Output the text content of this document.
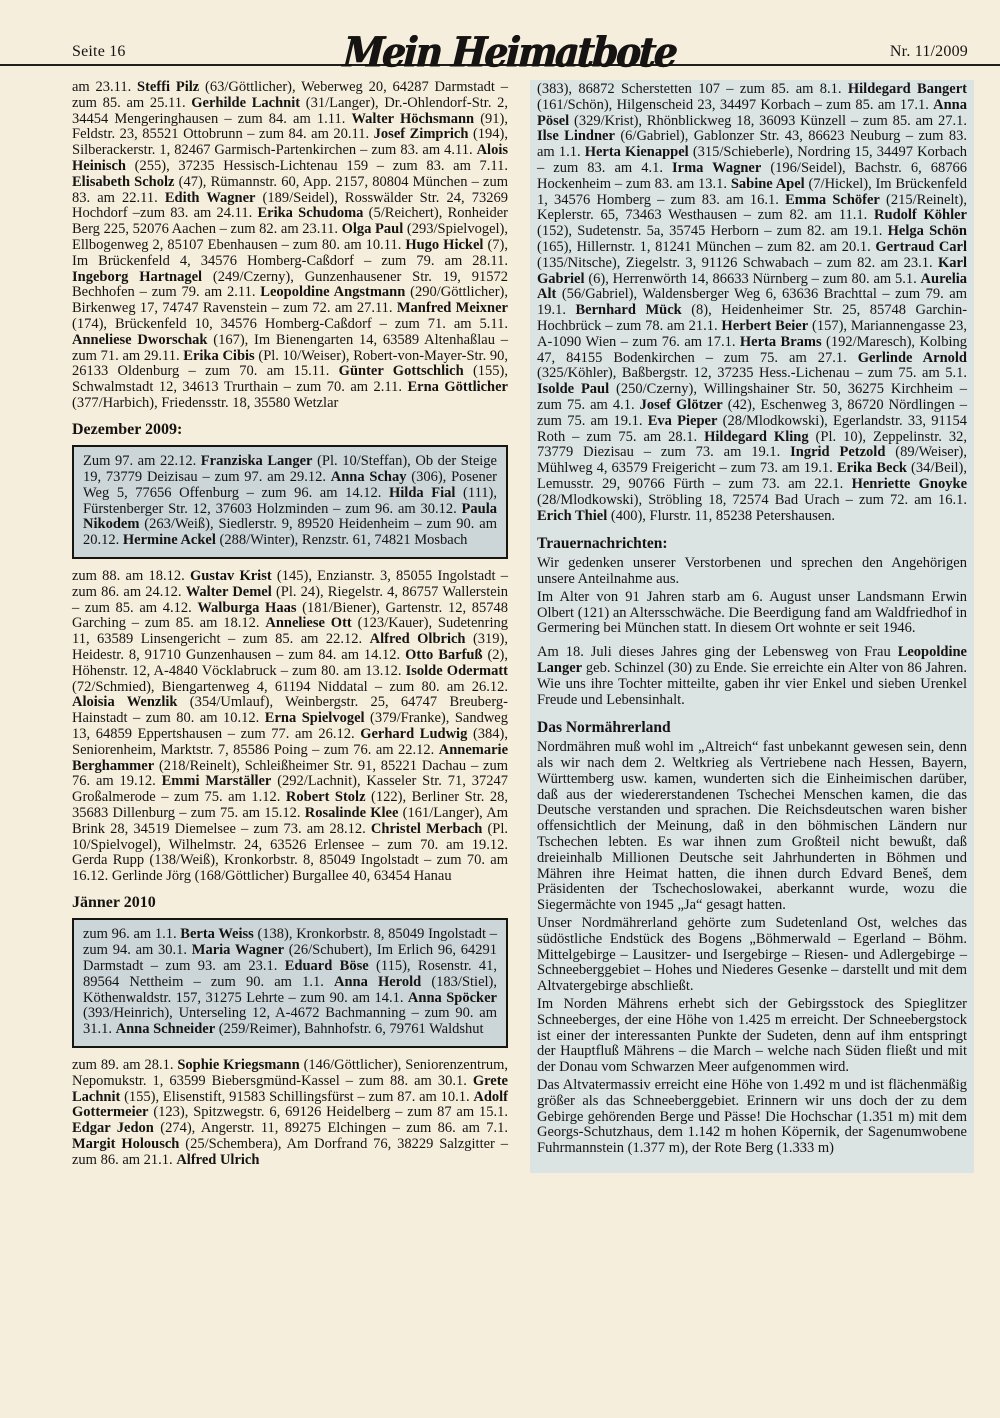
Seite 16	Mein Heimatbote	Nr. 11/2009

am 23.11. Steffi Pilz (63/Göttlicher), Weberweg 20, 64287 Darmstadt – zum 85. am 25.11. Gerhilde Lachnit (31/Langer), Dr.-Ohlendorf-Str. 2, 34454 Mengeringhausen – zum 84. am 1.11. Walter Höchsmann (91), Feldstr. 23, 85521 Ottobrunn – zum 84. am 20.11. Josef Zimprich (194), Silberackerstr. 1, 82467 Garmisch-Partenkirchen – zum 83. am 4.11. Alois Heinisch (255), 37235 Hessisch-Lichtenau 159 – zum 83. am 7.11. Elisabeth Scholz (47), Rümannstr. 60, App. 2157, 80804 München – zum 83. am 22.11. Edith Wagner (189/Seidel), Rosswälder Str. 24, 73269 Hochdorf –zum 83. am 24.11. Erika Schudoma (5/Reichert), Ronheider Berg 225, 52076 Aachen – zum 82. am 23.11. Olga Paul (293/Spielvogel), Ellbogenweg 2, 85107 Ebenhausen – zum 80. am 10.11. Hugo Hickel (7), Im Brückenfeld 4, 34576 Homberg-Caßdorf – zum 79. am 28.11. Ingeborg Hartnagel (249/Czerny), Gunzenhausener Str. 19, 91572 Bechhofen – zum 79. am 2.11. Leopoldine Angstmann (290/Göttlicher), Birkenweg 17, 74747 Ravenstein – zum 72. am 27.11. Manfred Meixner (174), Brückenfeld 10, 34576 Homberg-Caßdorf – zum 71. am 5.11. Anneliese Dworschak (167), Im Bienengarten 14, 63589 Altenhaßlau – zum 71. am 29.11. Erika Cibis (Pl. 10/Weiser), Robert-von-Mayer-Str. 90, 26133 Oldenburg – zum 70. am 15.11. Günter Gottschlich (155), Schwalmstadt 12, 34613 Trurthain – zum 70. am 2.11. Erna Göttlicher (377/Harbich), Friedensstr. 18, 35580 Wetzlar

Dezember 2009:

Zum 97. am 22.12. Franziska Langer (Pl. 10/Steffan), Ob der Steige 19, 73779 Deizisau – zum 97. am 29.12. Anna Schay (306), Posener Weg 5, 77656 Offenburg – zum 96. am 14.12. Hilda Fial (111), Fürstenberger Str. 12, 37603 Holzminden – zum 96. am 30.12. Paula Nikodem (263/Weiß), Siedlerstr. 9, 89520 Heidenheim – zum 90. am 20.12. Hermine Ackel (288/Winter), Renzstr. 61, 74821 Mosbach

zum 88. am 18.12. Gustav Krist (145), Enzianstr. 3, 85055 Ingolstadt – zum 86. am 24.12. Walter Demel (Pl. 24), Riegelstr. 4, 86757 Wallerstein – zum 85. am 4.12. Walburga Haas (181/Biener), Gartenstr. 12, 85748 Garching – zum 85. am 18.12. Anneliese Ott (123/Kauer), Sudetenring 11, 63589 Linsengericht – zum 85. am 22.12. Alfred Olbrich (319), Heidestr. 8, 91710 Gunzenhausen – zum 84. am 14.12. Otto Barfuß (2), Höhenstr. 12, A-4840 Vöcklabruck – zum 80. am 13.12. Isolde Odermatt (72/Schmied), Biengartenweg 4, 61194 Niddatal – zum 80. am 26.12. Aloisia Wenzlik (354/Umlauf), Weinbergstr. 25, 64747 Breuberg-Hainstadt – zum 80. am 10.12. Erna Spielvogel (379/Franke), Sandweg 13, 64859 Eppertshausen – zum 77. am 26.12. Gerhard Ludwig (384), Seniorenheim, Marktstr. 7, 85586 Poing – zum 76. am 22.12. Annemarie Berghammer (218/Reinelt), Schleißheimer Str. 91, 85221 Dachau – zum 76. am 19.12. Emmi Marställer (292/Lachnit), Kasseler Str. 71, 37247 Großalmerode – zum 75. am 1.12. Robert Stolz (122), Berliner Str. 28, 35683 Dillenburg – zum 75. am 15.12. Rosalinde Klee (161/Langer), Am Brink 28, 34519 Diemelsee – zum 73. am 28.12. Christel Merbach (Pl. 10/Spielvogel), Wilhelmstr. 24, 63526 Erlensee – zum 70. am 19.12. Gerda Rupp (138/Weiß), Kronkorbstr. 8, 85049 Ingolstadt – zum 70. am 16.12. Gerlinde Jörg (168/Göttlicher) Burgallee 40, 63454 Hanau

Jänner 2010

zum 96. am 1.1. Berta Weiss (138), Kronkorbstr. 8, 85049 Ingolstadt – zum 94. am 30.1. Maria Wagner (26/Schubert), Im Erlich 96, 64291 Darmstadt – zum 93. am 23.1. Eduard Böse (115), Rosenstr. 41, 89564 Nettheim – zum 90. am 1.1. Anna Herold (183/Stiel), Köthenwaldstr. 157, 31275 Lehrte – zum 90. am 14.1. Anna Spöcker (393/Heinrich), Unterseling 12, A-4672 Bachmanning – zum 90. am 31.1. Anna Schneider (259/Reimer), Bahnhofstr. 6, 79761 Waldshut

zum 89. am 28.1. Sophie Kriegsmann (146/Göttlicher), Seniorenzentrum, Nepomukstr. 1, 63599 Biebersgmünd-Kassel – zum 88. am 30.1. Grete Lachnit (155), Elisenstift, 91583 Schillingsfürst – zum 87. am 10.1. Adolf Gottermeier (123), Spitzwegstr. 6, 69126 Heidelberg – zum 87 am 15.1. Edgar Jedon (274), Angerstr. 11, 89275 Elchingen – zum 86. am 7.1. Margit Holousch (25/Schembera), Am Dorfrand 76, 38229 Salzgitter – zum 86. am 21.1. Alfred Ulrich

(383), 86872 Scherstetten 107 – zum 85. am 8.1. Hildegard Bangert (161/Schön), Hilgenscheid 23, 34497 Korbach – zum 85. am 17.1. Anna Pösel (329/Krist), Rhönblickweg 18, 36093 Künzell – zum 85. am 27.1. Ilse Lindner (6/Gabriel), Gablonzer Str. 43, 86623 Neuburg – zum 83. am 1.1. Herta Kienappel (315/Schieberle), Nordring 15, 34497 Korbach – zum 83. am 4.1. Irma Wagner (196/Seidel), Bachstr. 6, 68766 Hockenheim – zum 83. am 13.1. Sabine Apel (7/Hickel), Im Brückenfeld 1, 34576 Homberg – zum 83. am 16.1. Emma Schöfer (215/Reinelt), Keplerstr. 65, 73463 Westhausen – zum 82. am 11.1. Rudolf Köhler (152), Sudetenstr. 5a, 35745 Herborn – zum 82. am 19.1. Helga Schön (165), Hillernstr. 1, 81241 München – zum 82. am 20.1. Gertraud Carl (135/Nitsche), Ziegelstr. 3, 91126 Schwabach – zum 82. am 23.1. Karl Gabriel (6), Herrenwörth 14, 86633 Nürnberg – zum 80. am 5.1. Aurelia Alt (56/Gabriel), Waldensberger Weg 6, 63636 Brachttal – zum 79. am 19.1. Bernhard Mück (8), Heidenheimer Str. 25, 85748 Garchin-Hochbrück – zum 78. am 21.1. Herbert Beier (157), Mariannengasse 23, A-1090 Wien – zum 76. am 17.1. Herta Brams (192/Maresch), Kolbing 47, 84155 Bodenkirchen – zum 75. am 27.1. Gerlinde Arnold (325/Köhler), Baßbergstr. 12, 37235 Hess.-Lichenau – zum 75. am 5.1. Isolde Paul (250/Czerny), Willingshainer Str. 50, 36275 Kirchheim – zum 75. am 4.1. Josef Glötzer (42), Eschenweg 3, 86720 Nördlingen – zum 75. am 19.1. Eva Pieper (28/Mlodkowski), Egerlandstr. 33, 91154 Roth – zum 75. am 28.1. Hildegard Kling (Pl. 10), Zeppelinstr. 32, 73779 Diezisau – zum 73. am 19.1. Ingrid Petzold (89/Weiser), Mühlweg 4, 63579 Freigericht – zum 73. am 19.1. Erika Beck (34/Beil), Lemusstr. 29, 90766 Fürth – zum 73. am 22.1. Henriette Gnoyke (28/Mlodkowski), Ströbling 18, 72574 Bad Urach – zum 72. am 16.1. Erich Thiel (400), Flurstr. 11, 85238 Petershausen.

Trauernachrichten:

Wir gedenken unserer Verstorbenen und sprechen den Angehörigen unsere Anteilnahme aus.

Im Alter von 91 Jahren starb am 6. August unser Landsmann Erwin Olbert (121) an Altersschwäche. Die Beerdigung fand am Waldfriedhof in Germering bei München statt. In diesem Ort wohnte er seit 1946.

Am 18. Juli dieses Jahres ging der Lebensweg von Frau Leopoldine Langer geb. Schinzel (30) zu Ende. Sie erreichte ein Alter von 86 Jahren. Wie uns ihre Tochter mitteilte, gaben ihr vier Enkel und sieben Urenkel Freude und Lebensinhalt.

Das Normährerland

Nordmähren muß wohl im „Altreich“ fast unbekannt gewesen sein, denn als wir nach dem 2. Weltkrieg als Vertriebene nach Hessen, Bayern, Württemberg usw. kamen, wunderten sich die Einheimischen darüber, daß aus der wiedererstandenen Tschechei Menschen kamen, die das Deutsche verstanden und sprachen. Die Reichsdeutschen waren bisher offensichtlich der Meinung, daß in den böhmischen Ländern nur Tschechen lebten. Es war ihnen zum Großteil nicht bewußt, daß dreieinhalb Millionen Deutsche seit Jahrhunderten in Böhmen und Mähren ihre Heimat hatten, die ihnen durch Edvard Beneš, dem Präsidenten der Tschechoslowakei, aberkannt wurde, wozu die Siegermächte von 1945 „Ja“ gesagt hatten.

Unser Nordmährerland gehörte zum Sudetenland Ost, welches das südöstliche Endstück des Bogens „Böhmerwald – Egerland – Böhm. Mittelgebirge – Lausitzer- und Isergebirge – Riesen- und Adlergebirge – Schneeberggebiet – Hohes und Niederes Gesenke – darstellt und mit dem Altvatergebirge abschließt.

Im Norden Mährens erhebt sich der Gebirgsstock des Spieglitzer Schneeberges, der eine Höhe von 1.425 m erreicht. Der Schneebergstock ist einer der interessanten Punkte der Sudeten, denn auf ihm entspringt der Hauptfluß Mährens – die March – welche nach Süden fließt und mit der Donau vom Schwarzen Meer aufgenommen wird.

Das Altvatermassiv erreicht eine Höhe von 1.492 m und ist flächenmäßig größer als das Schneeberggebiet. Erinnern wir uns doch der zu dem Gebirge gehörenden Berge und Pässe! Die Hochschar (1.351 m) mit dem Georgs-Schutzhaus, dem 1.142 m hohen Köpernik, der Sagenumwobene Fuhrmannstein (1.377 m), der Rote Berg (1.333 m)
